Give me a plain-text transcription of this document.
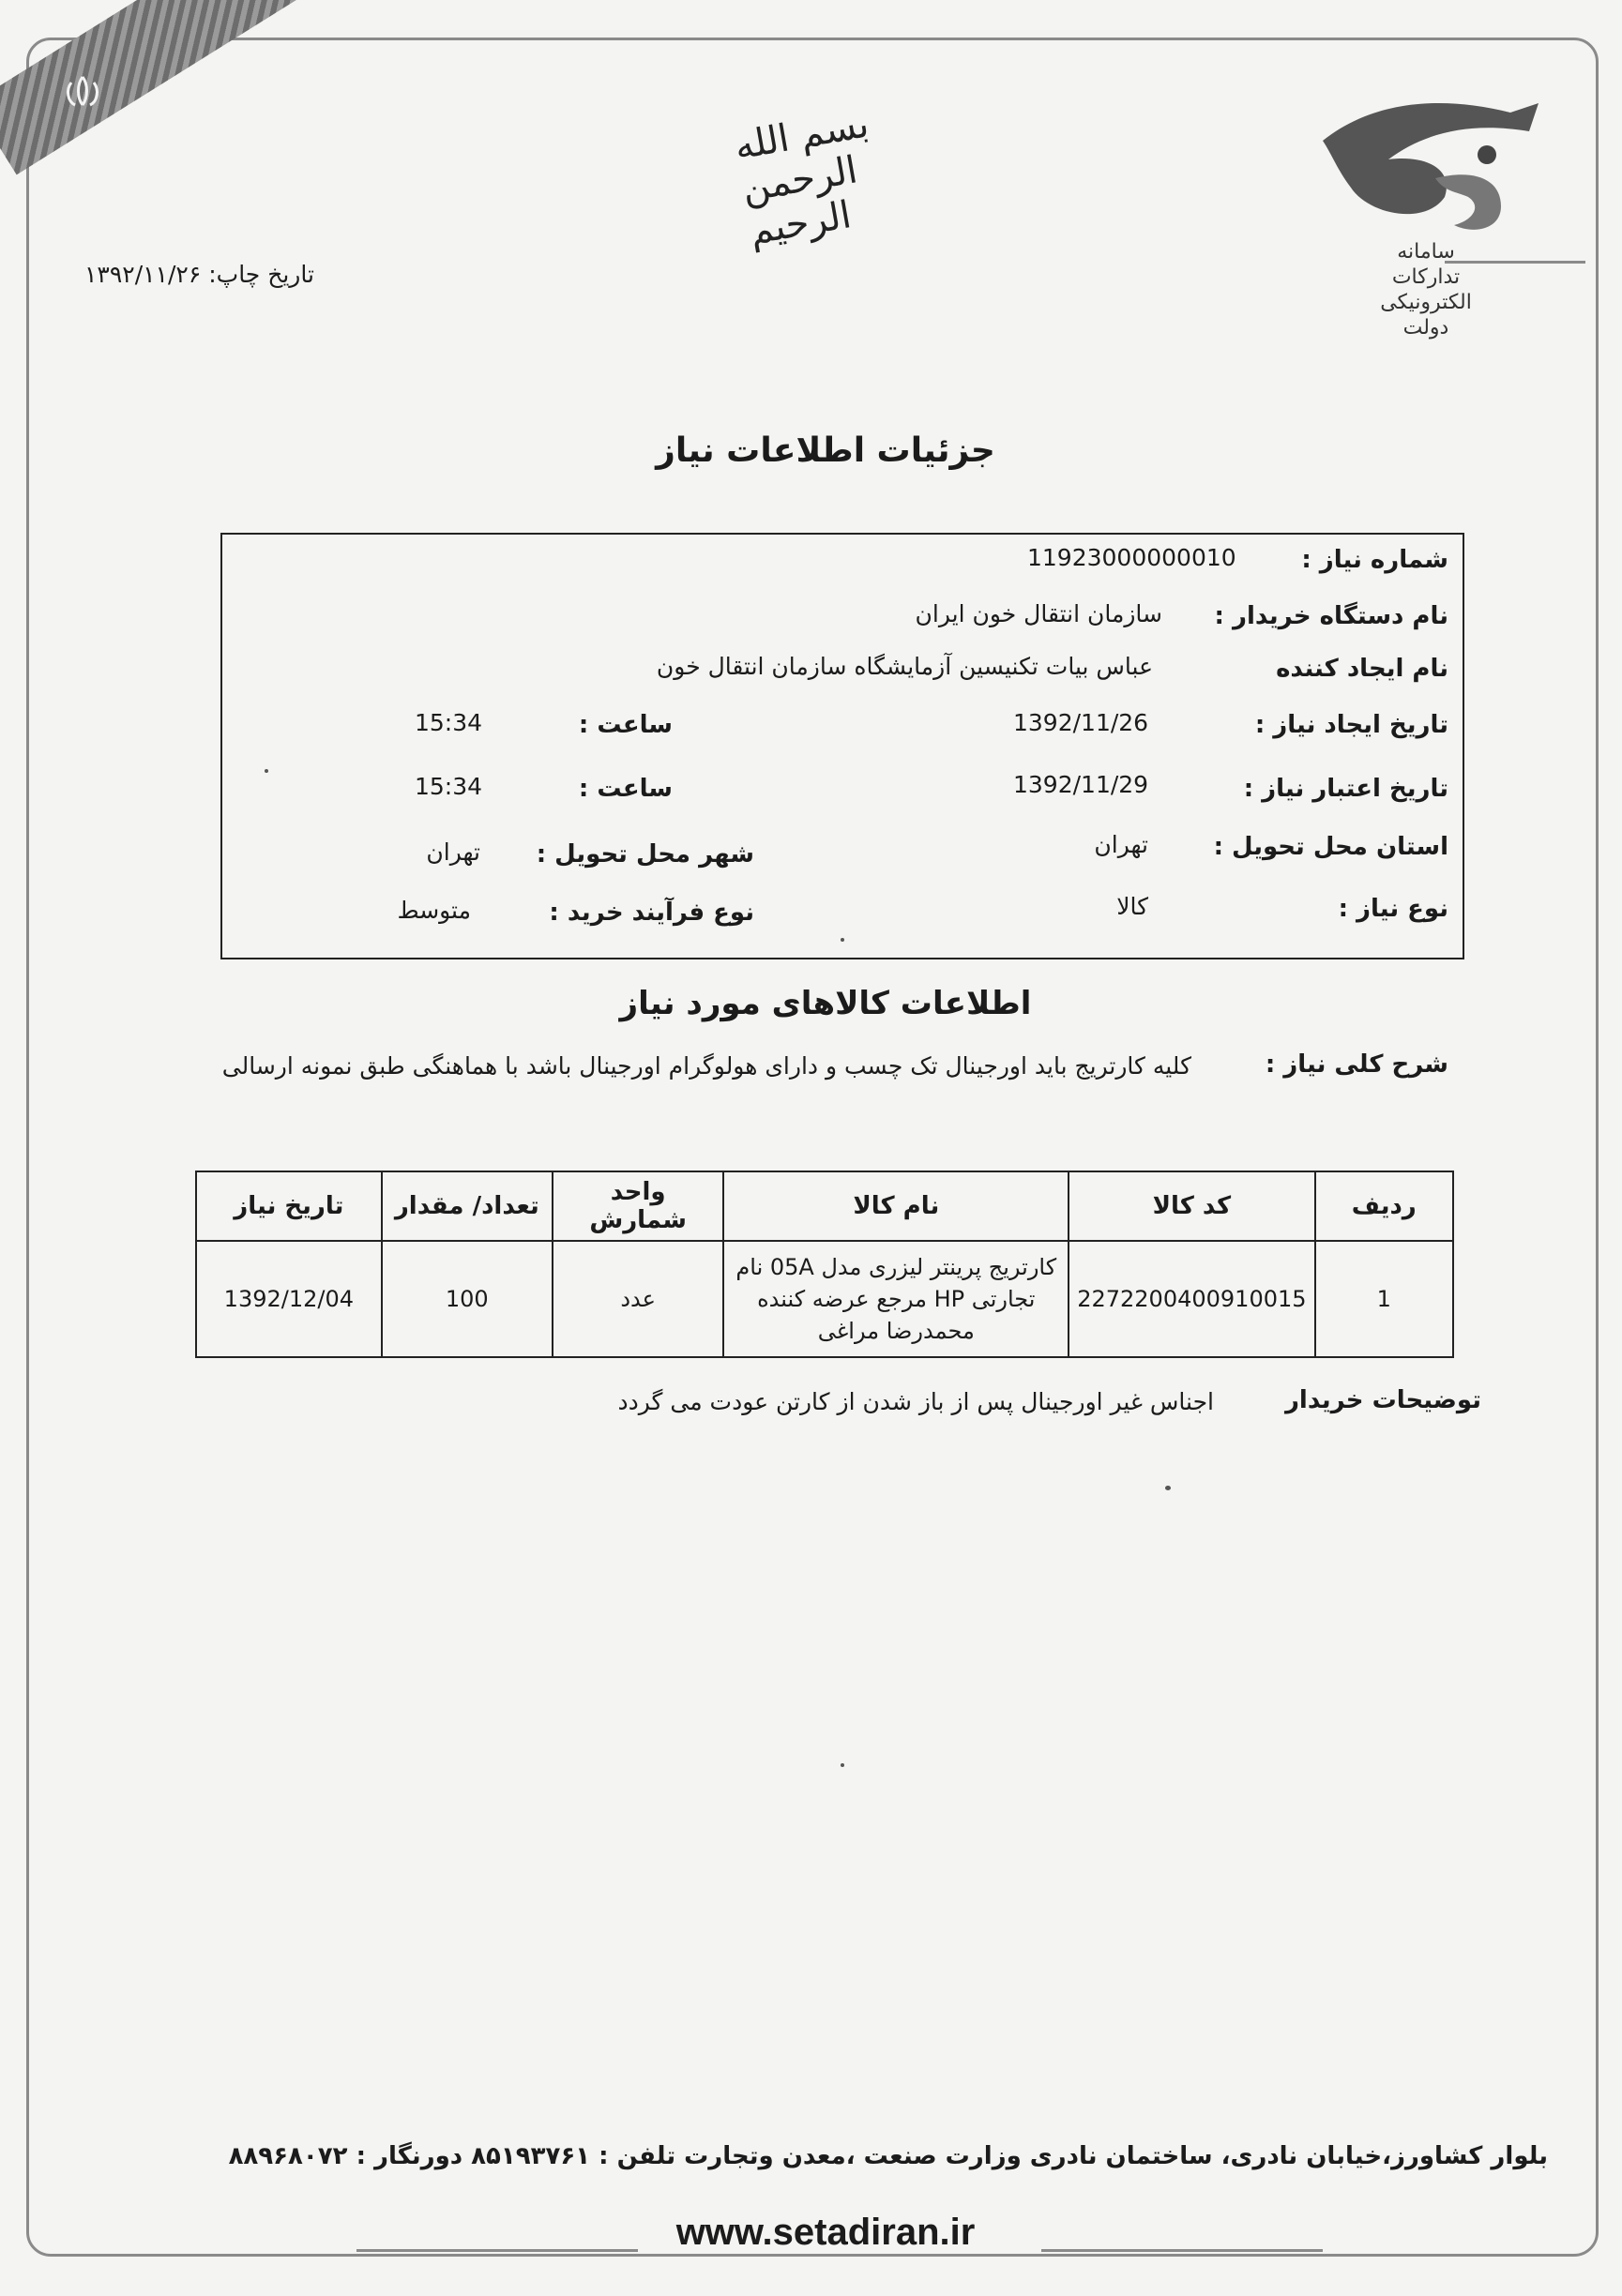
بسم الله الرحمن الرحیم	سامانه
تدارکات
الکترونیکی
دولت
تاریخ چاپ: ۱۳۹۲/۱۱/۲۶
جزئیات اطلاعات نیاز
شماره نیاز :
11923000000010
نام دستگاه خریدار :
سازمان انتقال خون ایران
نام ایجاد کننده
عباس بیات تکنیسین آزمایشگاه سازمان انتقال خون
تاریخ ایجاد نیاز :
1392/11/26
ساعت :
15:34
تاریخ اعتبار نیاز :
1392/11/29
ساعت :
15:34
استان محل تحویل :
تهران
شهر محل تحویل :
تهران
نوع نیاز :
کالا
نوع فرآیند خرید :
متوسط
اطلاعات کالاهای مورد نیاز
شرح کلی نیاز :
کلیه کارتریج باید اورجینال تک چسب و دارای هولوگرام اورجینال باشد با هماهنگی طبق نمونه ارسالی
ردیف	کد کالا	نام کالا	واحد شمارش	تعداد/ مقدار	تاریخ نیاز
1	2272200400910015	کارتریج پرینتر لیزری مدل 05A نام تجارتی HP مرجع عرضه کننده محمدرضا مراغی	عدد	100	1392/12/04
توضیحات خریدار
اجناس غیر اورجینال پس از باز شدن از کارتن عودت می گردد
بلوار کشاورز،خیابان نادری، ساختمان نادری وزارت صنعت ،معدن وتجارت تلفن : ۸۵۱۹۳۷۶۱ دورنگار : ۸۸۹۶۸۰۷۲
www.setadiran.ir
